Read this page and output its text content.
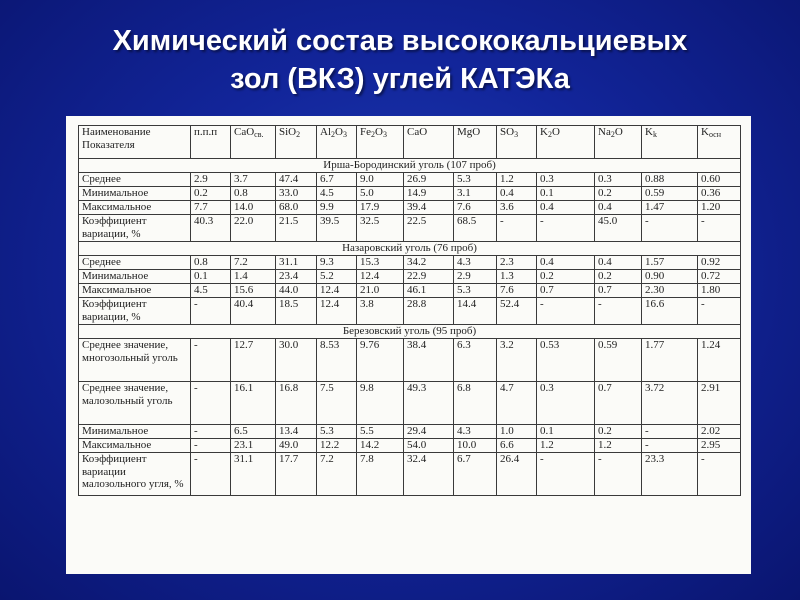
Химический состав высококальциевых
зол (ВКЗ) углей КАТЭКа
Наименование
Показателя	п.п.п	CaO$_{св.}$	SiO$_2$	$Al_2O_3$	$Fe_2O_3$	CaO	MgO	$SO_3$	$K_2O$	$Na_2O$	$K_k$	$K_{осн}$
Ирша-Бородинский уголь (107 проб)												
Среднее	2.9	3.7	47.4	6.7	9.0	26.9	5.3	1.2	0.3	0.3	0.88	0.60
Минимальное	0.2	0.8	33.0	4.5	5.0	14.9	3.1	0.4	0.1	0.2	0.59	0.36
Максимальное	7.7	14.0	68.0	9.9	17.9	39.4	7.6	3.6	0.4	0.4	1.47	1.20
Коэффициент вариации, %	40.3	22.0	21.5	39.5	32.5	22.5	68.5	-	-	45.0	-	-
Назаровский уголь (76 проб)												
Среднее	0.8	7.2	31.1	9.3	15.3	34.2	4.3	2.3	0.4	0.4	1.57	0.92
Минимальное	0.1	1.4	23.4	5.2	12.4	22.9	2.9	1.3	0.2	0.2	0.90	0.72
Максимальное	4.5	15.6	44.0	12.4	21.0	46.1	5.3	7.6	0.7	0.7	2.30	1.80
Коэффициент вариации, %	-	40.4	18.5	12.4	3.8	28.8	14.4	52.4	-	-	16.6	-
Березовский уголь (95 проб)												
Среднее значение, многозольный уголь	-	12.7	30.0	8.53	9.76	38.4	6.3	3.2	0.53	0.59	1.77	1.24
Среднее значение, малозольный уголь	-	16.1	16.8	7.5	9.8	49.3	6.8	4.7	0.3	0.7	3.72	2.91
Минимальное	-	6.5	13.4	5.3	5.5	29.4	4.3	1.0	0.1	0.2	-	2.02
Максимальное	-	23.1	49.0	12.2	14.2	54.0	10.0	6.6	1.2	1.2	-	2.95
Коэффициент вариации малозольного угля, %	-	31.1	17.7	7.2	7.8	32.4	6.7	26.4	-	-	23.3	-
